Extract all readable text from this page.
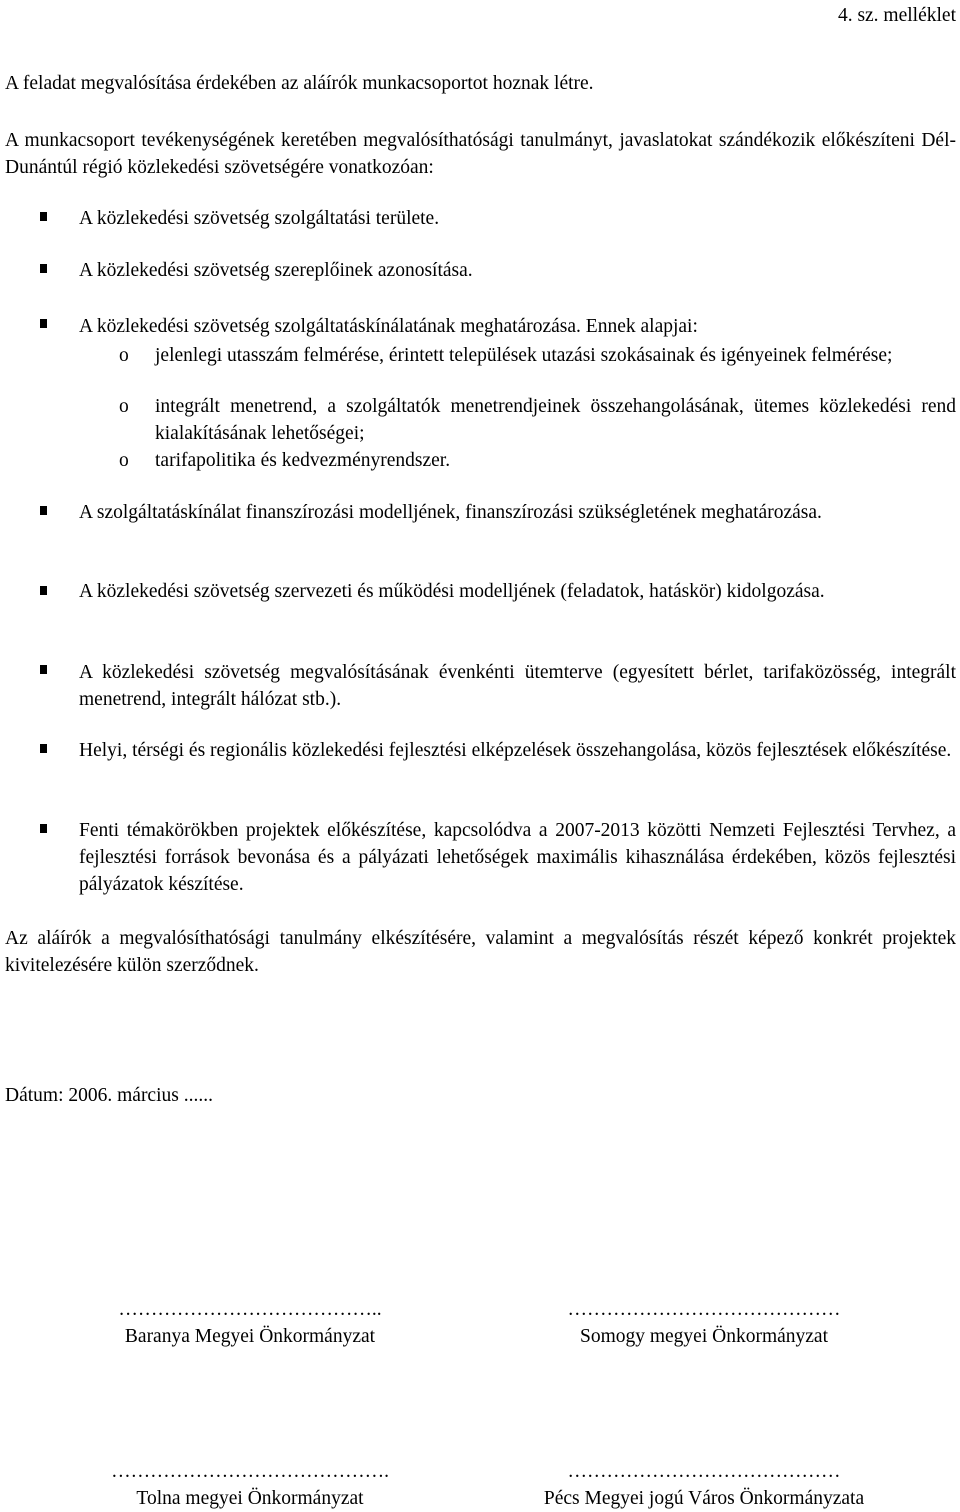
4. sz. melléklet

A feladat megvalósítása érdekében az aláírók munkacsoportot hoznak létre.

A munkacsoport tevékenységének keretében megvalósíthatósági tanulmányt, javaslatokat szándékozik előkészíteni Dél-Dunántúl régió közlekedési szövetségére vonatkozóan:

A közlekedési szövetség szolgáltatási területe.

A közlekedési szövetség szereplőinek azonosítása.

A közlekedési szövetség szolgáltatáskínálatának meghatározása. Ennek alapjai:

o jelenlegi utasszám felmérése, érintett települések utazási szokásainak és igényeinek felmérése;

o integrált menetrend, a szolgáltatók menetrendjeinek összehangolásának, ütemes közlekedési rend kialakításának lehetőségei;

o tarifapolitika és kedvezményrendszer.

A szolgáltatáskínálat finanszírozási modelljének, finanszírozási szükségletének meghatározása.

A közlekedési szövetség szervezeti és működési modelljének (feladatok, hatáskör) kidolgozása.

A közlekedési szövetség megvalósításának évenkénti ütemterve (egyesített bérlet, tarifaközösség, integrált menetrend, integrált hálózat stb.).

Helyi, térségi és regionális közlekedési fejlesztési elképzelések összehangolása, közös fejlesztések előkészítése.

Fenti témakörökben projektek előkészítése, kapcsolódva a 2007-2013 közötti Nemzeti Fejlesztési Tervhez, a fejlesztési források bevonása és a pályázati lehetőségek maximális kihasználása érdekében, közös fejlesztési pályázatok készítése.

Az aláírók a megvalósíthatósági tanulmány elkészítésére, valamint a megvalósítás részét képező konkrét projektek kivitelezésére külön szerződnek.

Dátum: 2006. március ......

…………………………………..
Baranya Megyei Önkormányzat
……………………………………
Somogy megyei Önkormányzat
…………………………………….
Tolna megyei Önkormányzat
……………………………………
Pécs Megyei jogú Város Önkormányzata
